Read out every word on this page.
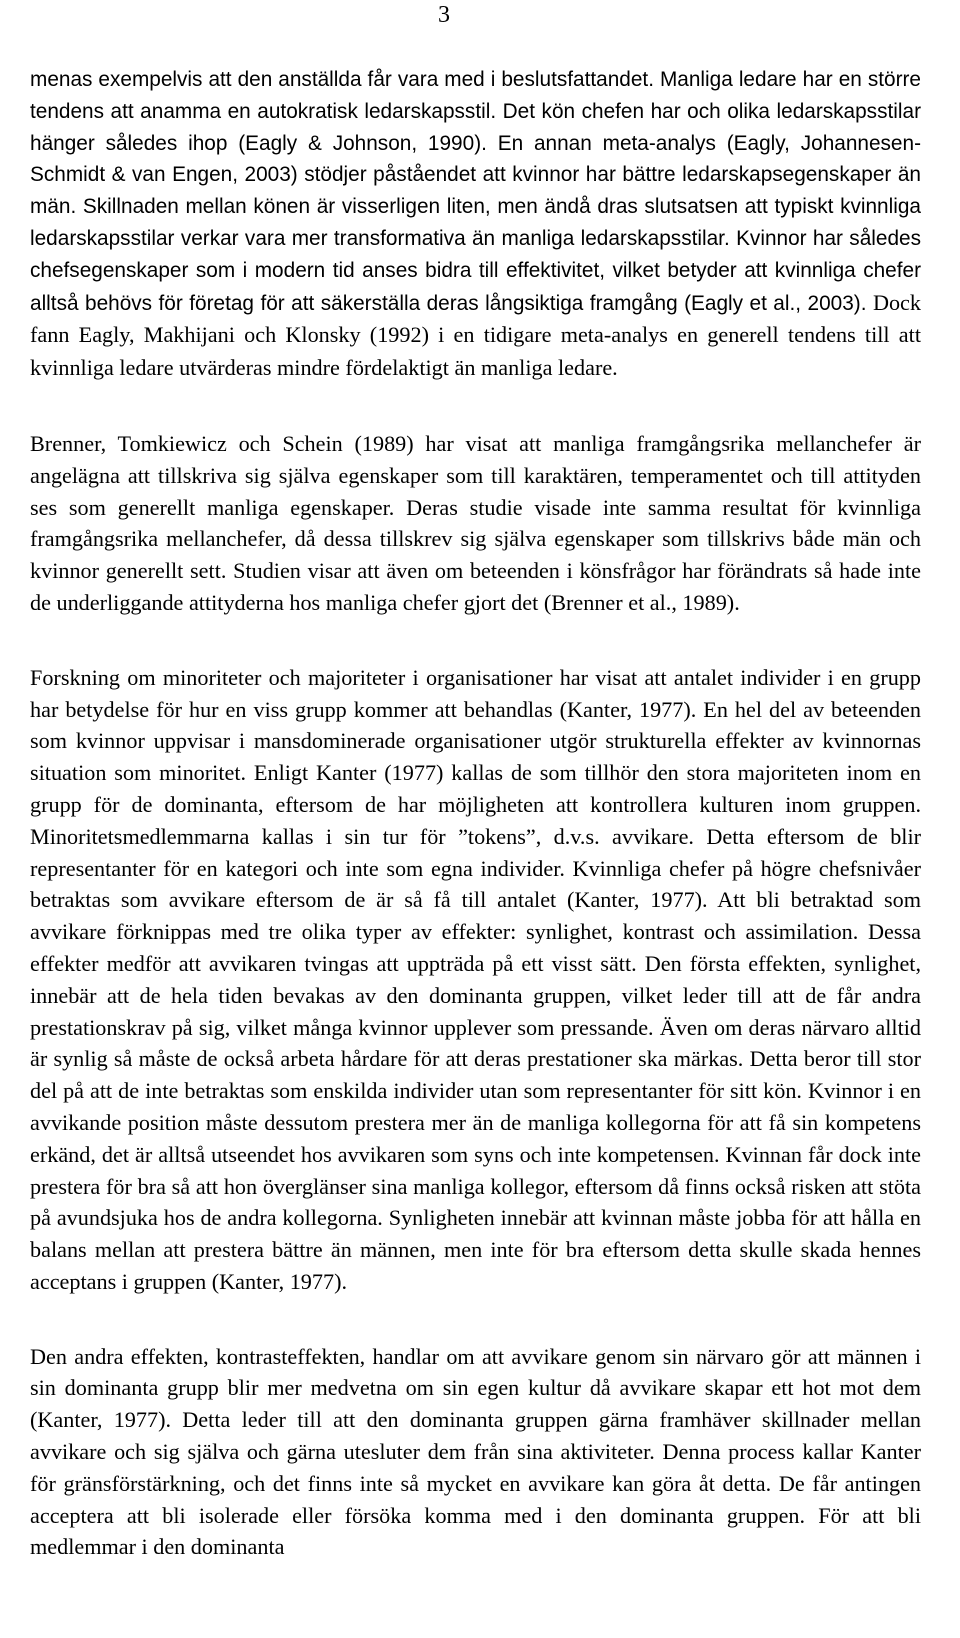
3

menas exempelvis att den anställda får vara med i beslutsfattandet. Manliga ledare har en större tendens att anamma en autokratisk ledarskapsstil. Det kön chefen har och olika ledarskapsstilar hänger således ihop (Eagly & Johnson, 1990). En annan meta-analys (Eagly, Johannesen-Schmidt & van Engen, 2003) stödjer påståendet att kvinnor har bättre ledarskapsegenskaper än män. Skillnaden mellan könen är visserligen liten, men ändå dras slutsatsen att typiskt kvinnliga ledarskapsstilar verkar vara mer transformativa än manliga ledarskapsstilar. Kvinnor har således chefsegenskaper som i modern tid anses bidra till effektivitet, vilket betyder att kvinnliga chefer alltså behövs för företag för att säkerställa deras långsiktiga framgång (Eagly et al., 2003). Dock fann Eagly, Makhijani och Klonsky (1992) i en tidigare meta-analys en generell tendens till att kvinnliga ledare utvärderas mindre fördelaktigt än manliga ledare.

Brenner, Tomkiewicz och Schein (1989) har visat att manliga framgångsrika mellanchefer är angelägna att tillskriva sig själva egenskaper som till karaktären, temperamentet och till attityden ses som generellt manliga egenskaper. Deras studie visade inte samma resultat för kvinnliga framgångsrika mellanchefer, då dessa tillskrev sig själva egenskaper som tillskrivs både män och kvinnor generellt sett. Studien visar att även om beteenden i könsfrågor har förändrats så hade inte de underliggande attityderna hos manliga chefer gjort det (Brenner et al., 1989).

Forskning om minoriteter och majoriteter i organisationer har visat att antalet individer i en grupp har betydelse för hur en viss grupp kommer att behandlas (Kanter, 1977). En hel del av beteenden som kvinnor uppvisar i mansdominerade organisationer utgör strukturella effekter av kvinnornas situation som minoritet. Enligt Kanter (1977) kallas de som tillhör den stora majoriteten inom en grupp för de dominanta, eftersom de har möjligheten att kontrollera kulturen inom gruppen. Minoritetsmedlemmarna kallas i sin tur för ”tokens”, d.v.s. avvikare. Detta eftersom de blir representanter för en kategori och inte som egna individer. Kvinnliga chefer på högre chefsnivåer betraktas som avvikare eftersom de är så få till antalet (Kanter, 1977). Att bli betraktad som avvikare förknippas med tre olika typer av effekter: synlighet, kontrast och assimilation. Dessa effekter medför att avvikaren tvingas att uppträda på ett visst sätt. Den första effekten, synlighet, innebär att de hela tiden bevakas av den dominanta gruppen, vilket leder till att de får andra prestationskrav på sig, vilket många kvinnor upplever som pressande. Även om deras närvaro alltid är synlig så måste de också arbeta hårdare för att deras prestationer ska märkas. Detta beror till stor del på att de inte betraktas som enskilda individer utan som representanter för sitt kön. Kvinnor i en avvikande position måste dessutom prestera mer än de manliga kollegorna för att få sin kompetens erkänd, det är alltså utseendet hos avvikaren som syns och inte kompetensen. Kvinnan får dock inte prestera för bra så att hon överglänser sina manliga kollegor, eftersom då finns också risken att stöta på avundsjuka hos de andra kollegorna. Synligheten innebär att kvinnan måste jobba för att hålla en balans mellan att prestera bättre än männen, men inte för bra eftersom detta skulle skada hennes acceptans i gruppen (Kanter, 1977).

Den andra effekten, kontrasteffekten, handlar om att avvikare genom sin närvaro gör att männen i sin dominanta grupp blir mer medvetna om sin egen kultur då avvikare skapar ett hot mot dem (Kanter, 1977). Detta leder till att den dominanta gruppen gärna framhäver skillnader mellan avvikare och sig själva och gärna utesluter dem från sina aktiviteter. Denna process kallar Kanter för gränsförstärkning, och det finns inte så mycket en avvikare kan göra åt detta. De får antingen acceptera att bli isolerade eller försöka komma med i den dominanta gruppen. För att bli medlemmar i den dominanta
